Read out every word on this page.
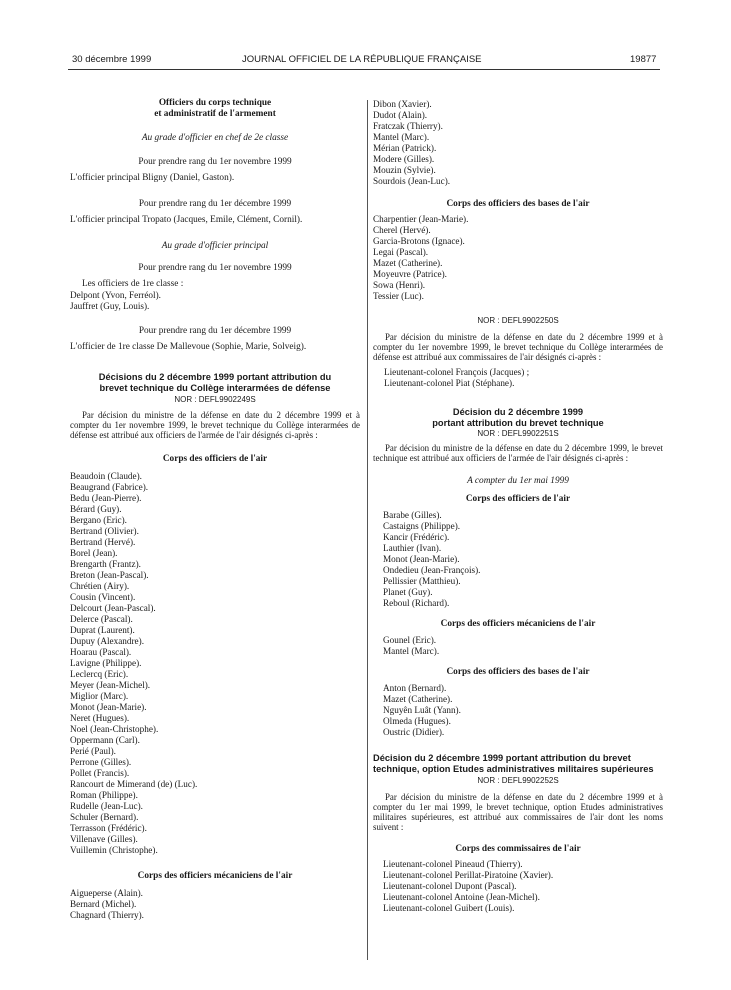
30 décembre 1999	JOURNAL OFFICIEL DE LA RÉPUBLIQUE FRANÇAISE	19877

Officiers du corps technique

et administratif de l'armement

Au grade d'officier en chef de 2e classe

Pour prendre rang du 1er novembre 1999

L'officier principal Bligny (Daniel, Gaston).

Pour prendre rang du 1er décembre 1999

L'officier principal Tropato (Jacques, Emile, Clément, Cornil).

Au grade d'officier principal

Pour prendre rang du 1er novembre 1999

Les officiers de 1re classe :

Delpont (Yvon, Ferréol).

Jauffret (Guy, Louis).

Pour prendre rang du 1er décembre 1999

L'officier de 1re classe De Mallevoue (Sophie, Marie, Solveig).

Décisions du 2 décembre 1999 portant attribution du brevet technique du Collège interarmées de défense

NOR : DEFL9902249S

Par décision du ministre de la défense en date du 2 décembre 1999 et à compter du 1er novembre 1999, le brevet technique du Collège interarmées de défense est attribué aux officiers de l'armée de l'air désignés ci-après :

Corps des officiers de l'air

Beaudoin (Claude).

Beaugrand (Fabrice).

Bedu (Jean-Pierre).

Bérard (Guy).

Bergano (Eric).

Bertrand (Olivier).

Bertrand (Hervé).

Borel (Jean).

Brengarth (Frantz).

Breton (Jean-Pascal).

Chrétien (Airy).

Cousin (Vincent).

Delcourt (Jean-Pascal).

Delerce (Pascal).

Duprat (Laurent).

Dupuy (Alexandre).

Hoarau (Pascal).

Lavigne (Philippe).

Leclercq (Eric).

Meyer (Jean-Michel).

Miglior (Marc).

Monot (Jean-Marie).

Neret (Hugues).

Noel (Jean-Christophe).

Oppermann (Carl).

Perié (Paul).

Perrone (Gilles).

Pollet (Francis).

Rancourt de Mimerand (de) (Luc).

Roman (Philippe).

Rudelle (Jean-Luc).

Schuler (Bernard).

Terrasson (Frédéric).

Villenave (Gilles).

Vuillemin (Christophe).

Corps des officiers mécaniciens de l'air

Aigueperse (Alain).

Bernard (Michel).

Chagnard (Thierry).

Dibon (Xavier).

Dudot (Alain).

Fratczak (Thierry).

Mantel (Marc).

Mérian (Patrick).

Modere (Gilles).

Mouzin (Sylvie).

Sourdois (Jean-Luc).

Corps des officiers des bases de l'air

Charpentier (Jean-Marie).

Cherel (Hervé).

Garcia-Brotons (Ignace).

Legai (Pascal).

Mazet (Catherine).

Moyeuvre (Patrice).

Sowa (Henri).

Tessier (Luc).

NOR : DEFL9902250S

Par décision du ministre de la défense en date du 2 décembre 1999 et à compter du 1er novembre 1999, le brevet technique du Collège interarmées de défense est attribué aux commissaires de l'air désignés ci-après :

Lieutenant-colonel François (Jacques) ;

Lieutenant-colonel Piat (Stéphane).

Décision du 2 décembre 1999

portant attribution du brevet technique

NOR : DEFL9902251S

Par décision du ministre de la défense en date du 2 décembre 1999, le brevet technique est attribué aux officiers de l'armée de l'air désignés ci-après :

A compter du 1er mai 1999

Corps des officiers de l'air

Barabe (Gilles).

Castaigns (Philippe).

Kancir (Frédéric).

Lauthier (Ivan).

Monot (Jean-Marie).

Ondedieu (Jean-François).

Pellissier (Matthieu).

Planet (Guy).

Reboul (Richard).

Corps des officiers mécaniciens de l'air

Gounel (Eric).

Mantel (Marc).

Corps des officiers des bases de l'air

Anton (Bernard).

Mazet (Catherine).

Nguyên Luât (Yann).

Olmeda (Hugues).

Oustric (Didier).

Décision du 2 décembre 1999 portant attribution du brevet technique, option Etudes administratives militaires supérieures

NOR : DEFL9902252S

Par décision du ministre de la défense en date du 2 décembre 1999 et à compter du 1er mai 1999, le brevet technique, option Etudes administratives militaires supérieures, est attribué aux commissaires de l'air dont les noms suivent :

Corps des commissaires de l'air

Lieutenant-colonel Pineaud (Thierry).

Lieutenant-colonel Perillat-Piratoine (Xavier).

Lieutenant-colonel Dupont (Pascal).

Lieutenant-colonel Antoine (Jean-Michel).

Lieutenant-colonel Guibert (Louis).
